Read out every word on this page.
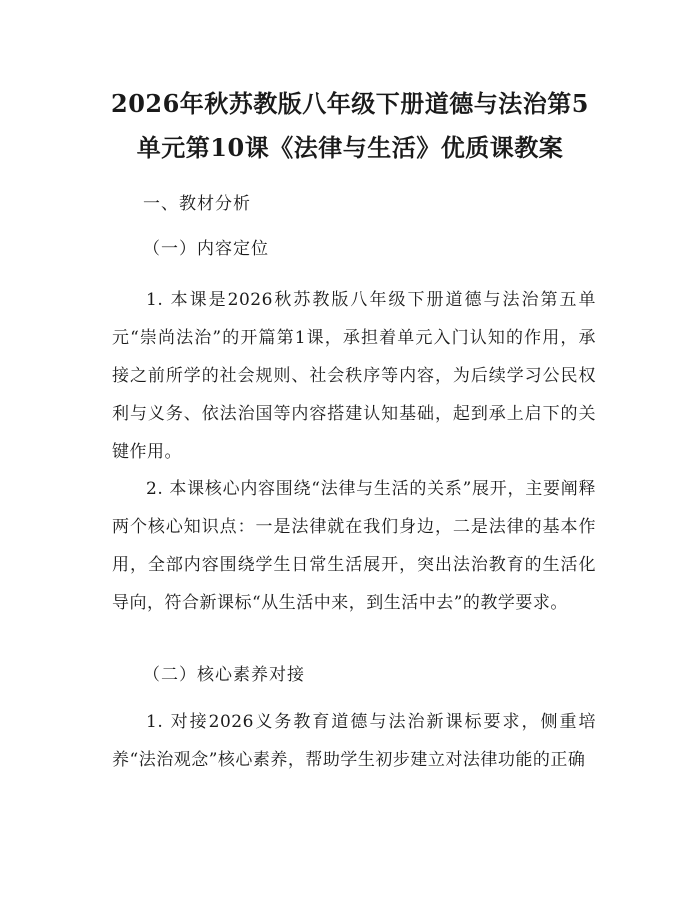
2026年秋苏教版八年级下册道德与法治第5
单元第10课《法律与生活》优质课教案
一、教材分析
（一）内容定位
1. 本课是2026秋苏教版八年级下册道德与法治第五单元“崇尚法治”的开篇第1课，承担着单元入门认知的作用，承接之前所学的社会规则、社会秩序等内容，为后续学习公民权利与义务、依法治国等内容搭建认知基础，起到承上启下的关键作用。
2. 本课核心内容围绕“法律与生活的关系”展开，主要阐释两个核心知识点：一是法律就在我们身边，二是法律的基本作用，全部内容围绕学生日常生活展开，突出法治教育的生活化导向，符合新课标“从生活中来，到生活中去”的教学要求。
（二）核心素养对接
1. 对接2026义务教育道德与法治新课标要求，侧重培养“法治观念”核心素养，帮助学生初步建立对法律功能的正确
